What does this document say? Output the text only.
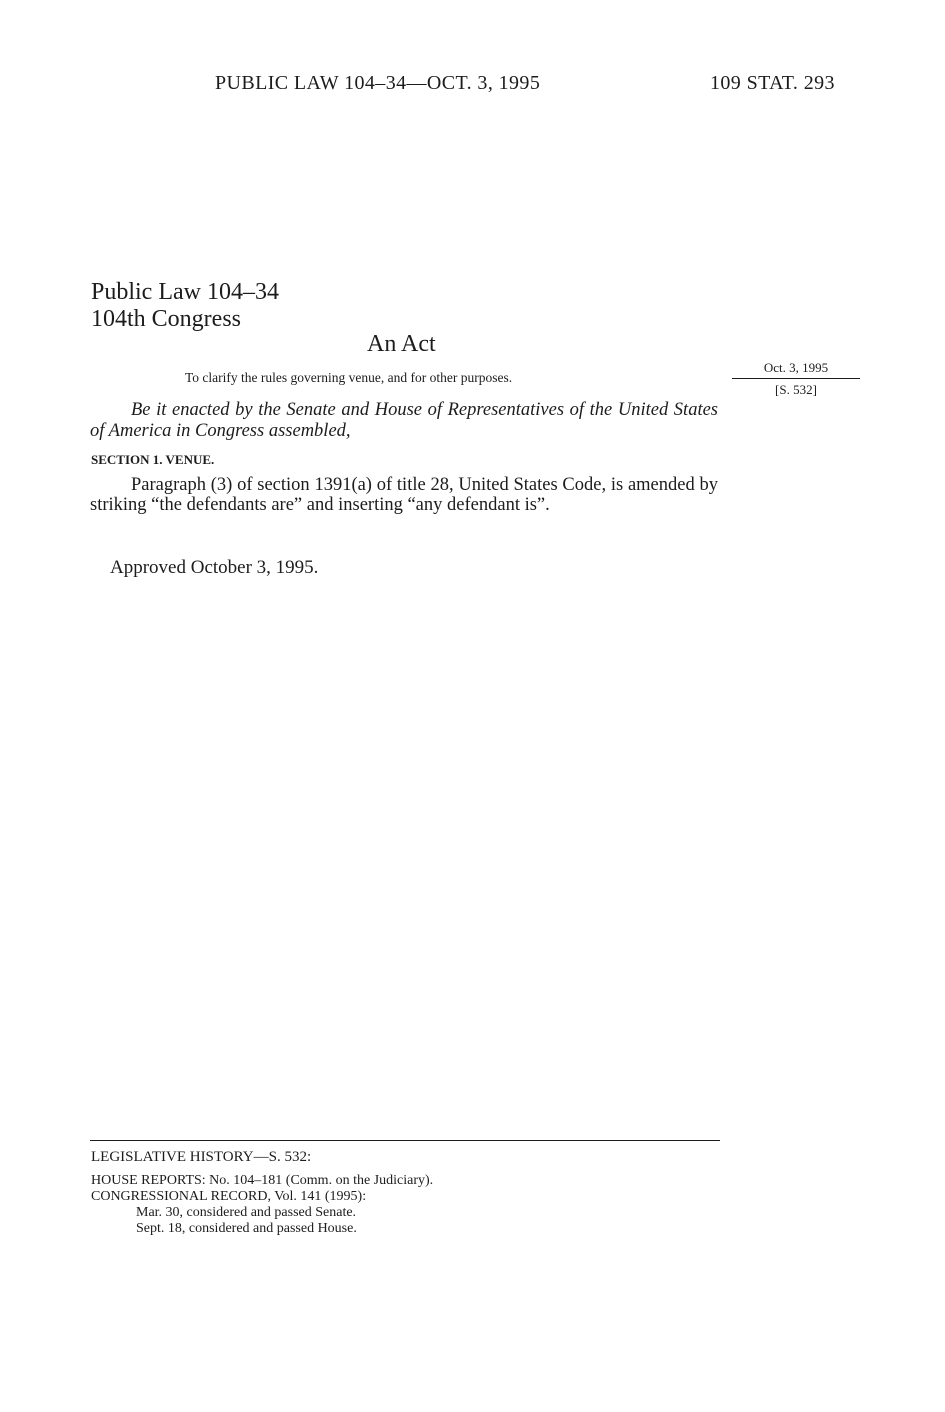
PUBLIC LAW 104–34—OCT. 3, 1995	109 STAT. 293
Public Law 104–34
104th Congress
An Act
To clarify the rules governing venue, and for other purposes.
Oct. 3, 1995
[S. 532]

Be it enacted by the Senate and House of Representatives of the United States of America in Congress assembled,

SECTION 1. VENUE.

Paragraph (3) of section 1391(a) of title 28, United States Code, is amended by striking “the defendants are” and inserting “any defendant is”.

Approved October 3, 1995.
LEGISLATIVE HISTORY—S. 532:
HOUSE REPORTS: No. 104–181 (Comm. on the Judiciary).
CONGRESSIONAL RECORD, Vol. 141 (1995):
Mar. 30, considered and passed Senate.
Sept. 18, considered and passed House.
